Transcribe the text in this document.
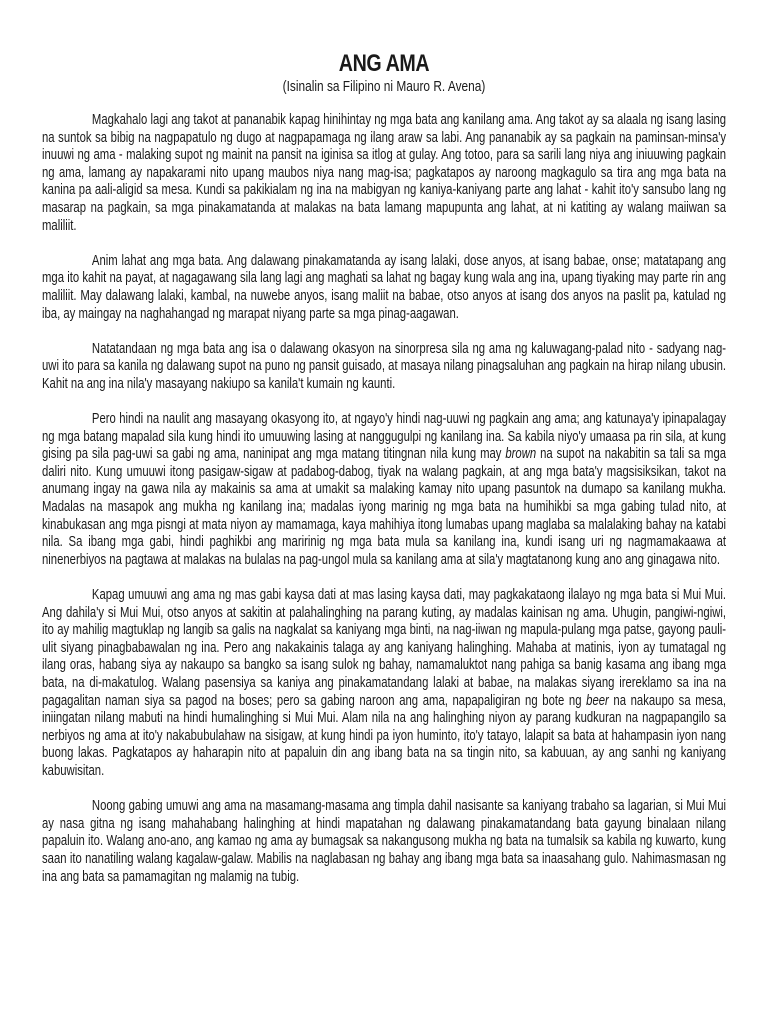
ANG AMA

(Isinalin sa Filipino ni Mauro R. Avena)

Magkahalo lagi ang takot at pananabik kapag hinihintay ng mga bata ang kanilang ama. Ang takot ay sa alaala ng isang lasing na suntok sa bibig na nagpapatulo ng dugo at nagpapamaga ng ilang araw sa labi. Ang pananabik ay sa pagkain na paminsan-minsa'y inuuwi ng ama - malaking supot ng mainit na pansit na iginisa sa itlog at gulay. Ang totoo, para sa sarili lang niya ang iniuuwing pagkain ng ama, lamang ay napakarami nito upang maubos niya nang mag-isa; pagkatapos ay naroong magkagulo sa tira ang mga bata na kanina pa aali-aligid sa mesa. Kundi sa pakikialam ng ina na mabigyan ng kaniya-kaniyang parte ang lahat - kahit ito'y sansubo lang ng masarap na pagkain, sa mga pinakamatanda at malakas na bata lamang mapupunta ang lahat, at ni katiting ay walang maiiwan sa maliliit.

Anim lahat ang mga bata. Ang dalawang pinakamatanda ay isang lalaki, dose anyos, at isang babae, onse; matatapang ang mga ito kahit na payat, at nagagawang sila lang lagi ang maghati sa lahat ng bagay kung wala ang ina, upang tiyaking may parte rin ang maliliit. May dalawang lalaki, kambal, na nuwebe anyos, isang maliit na babae, otso anyos at isang dos anyos na paslit pa, katulad ng iba, ay maingay na naghahangad ng marapat niyang parte sa mga pinag-aagawan.

Natatandaan ng mga bata ang isa o dalawang okasyon na sinorpresa sila ng ama ng kaluwagang-palad nito - sadyang nag-uwi ito para sa kanila ng dalawang supot na puno ng pansit guisado, at masaya nilang pinagsaluhan ang pagkain na hirap nilang ubusin. Kahit na ang ina nila'y masayang nakiupo sa kanila't kumain ng kaunti.

Pero hindi na naulit ang masayang okasyong ito, at ngayo'y hindi nag-uuwi ng pagkain ang ama; ang katunaya'y ipinapalagay ng mga batang mapalad sila kung hindi ito umuuwing lasing at nanggugulpi ng kanilang ina. Sa kabila niyo'y umaasa pa rin sila, at kung gising pa sila pag-uwi sa gabi ng ama, naninipat ang mga matang titingnan nila kung may brown na supot na nakabitin sa tali sa mga daliri nito. Kung umuuwi itong pasigaw-sigaw at padabog-dabog, tiyak na walang pagkain, at ang mga bata'y magsisiksikan, takot na anumang ingay na gawa nila ay makainis sa ama at umakit sa malaking kamay nito upang pasuntok na dumapo sa kanilang mukha. Madalas na masapok ang mukha ng kanilang ina; madalas iyong marinig ng mga bata na humihikbi sa mga gabing tulad nito, at kinabukasan ang mga pisngi at mata niyon ay mamamaga, kaya mahihiya itong lumabas upang maglaba sa malalaking bahay na katabi nila. Sa ibang mga gabi, hindi paghikbi ang maririnig ng mga bata mula sa kanilang ina, kundi isang uri ng nagmamakaawa at ninenerbiyos na pagtawa at malakas na bulalas na pag-ungol mula sa kanilang ama at sila'y magtatanong kung ano ang ginagawa nito.

Kapag umuuwi ang ama ng mas gabi kaysa dati at mas lasing kaysa dati, may pagkakataong ilalayo ng mga bata si Mui Mui. Ang dahila'y si Mui Mui, otso anyos at sakitin at palahalinghing na parang kuting, ay madalas kainisan ng ama. Uhugin, pangiwi-ngiwi, ito ay mahilig magtuklap ng langib sa galis na nagkalat sa kaniyang mga binti, na nag-iiwan ng mapula-pulang mga patse, gayong pauli-ulit siyang pinagbabawalan ng ina. Pero ang nakakainis talaga ay ang kaniyang halinghing. Mahaba at matinis, iyon ay tumatagal ng ilang oras, habang siya ay nakaupo sa bangko sa isang sulok ng bahay, namamaluktot nang pahiga sa banig kasama ang ibang mga bata, na di-makatulog. Walang pasensiya sa kaniya ang pinakamatandang lalaki at babae, na malakas siyang irereklamo sa ina na pagagalitan naman siya sa pagod na boses; pero sa gabing naroon ang ama, napapaligiran ng bote ng beer na nakaupo sa mesa, iniingatan nilang mabuti na hindi humalinghing si Mui Mui. Alam nila na ang halinghing niyon ay parang kudkuran na nagpapangilo sa nerbiyos ng ama at ito'y nakabubulahaw na sisigaw, at kung hindi pa iyon huminto, ito'y tatayo, lalapit sa bata at hahampasin iyon nang buong lakas. Pagkatapos ay haharapin nito at papaluin din ang ibang bata na sa tingin nito, sa kabuuan, ay ang sanhi ng kaniyang kabuwisitan.

Noong gabing umuwi ang ama na masamang-masama ang timpla dahil nasisante sa kaniyang trabaho sa lagarian, si Mui Mui ay nasa gitna ng isang mahahabang halinghing at hindi mapatahan ng dalawang pinakamatandang bata gayung binalaan nilang papaluin ito. Walang ano-ano, ang kamao ng ama ay bumagsak sa nakangusong mukha ng bata na tumalsik sa kabila ng kuwarto, kung saan ito nanatiling walang kagalaw-galaw. Mabilis na naglabasan ng bahay ang ibang mga bata sa inaasahang gulo. Nahimasmasan ng ina ang bata sa pamamagitan ng malamig na tubig.
